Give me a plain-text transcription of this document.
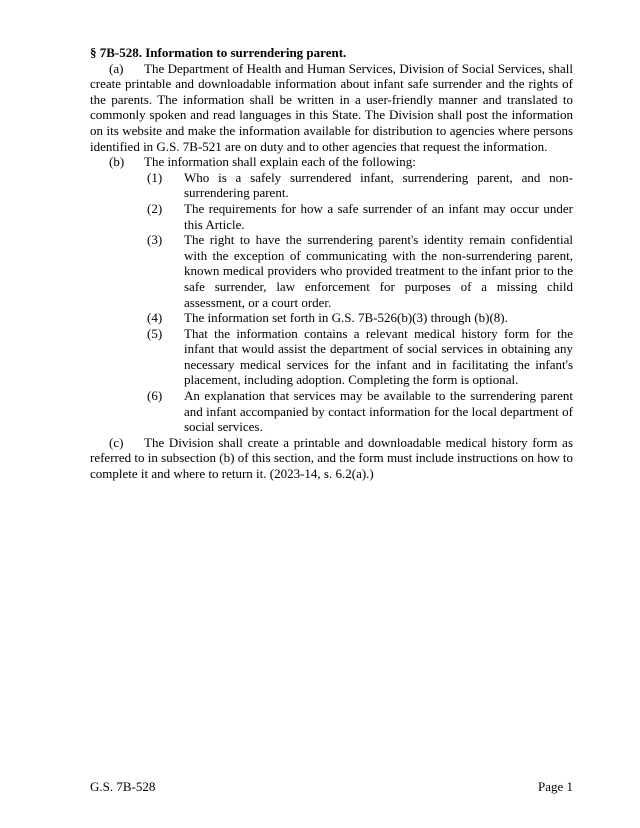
§ 7B-528. Information to surrendering parent.

(a) The Department of Health and Human Services, Division of Social Services, shall create printable and downloadable information about infant safe surrender and the rights of the parents. The information shall be written in a user-friendly manner and translated to commonly spoken and read languages in this State. The Division shall post the information on its website and make the information available for distribution to agencies where persons identified in G.S. 7B-521 are on duty and to other agencies that request the information.

(b) The information shall explain each of the following:

(1)	Who is a safely surrendered infant, surrendering parent, and non-surrendering parent.
(2)	The requirements for how a safe surrender of an infant may occur under this Article.
(3)	The right to have the surrendering parent's identity remain confidential with the exception of communicating with the non-surrendering parent, known medical providers who provided treatment to the infant prior to the safe surrender, law enforcement for purposes of a missing child assessment, or a court order.
(4)	The information set forth in G.S. 7B-526(b)(3) through (b)(8).
(5)	That the information contains a relevant medical history form for the infant that would assist the department of social services in obtaining any necessary medical services for the infant and in facilitating the infant's placement, including adoption. Completing the form is optional.
(6)	An explanation that services may be available to the surrendering parent and infant accompanied by contact information for the local department of social services.

(c) The Division shall create a printable and downloadable medical history form as referred to in subsection (b) of this section, and the form must include instructions on how to complete it and where to return it. (2023-14, s. 6.2(a).)

G.S. 7B-528	Page 1
